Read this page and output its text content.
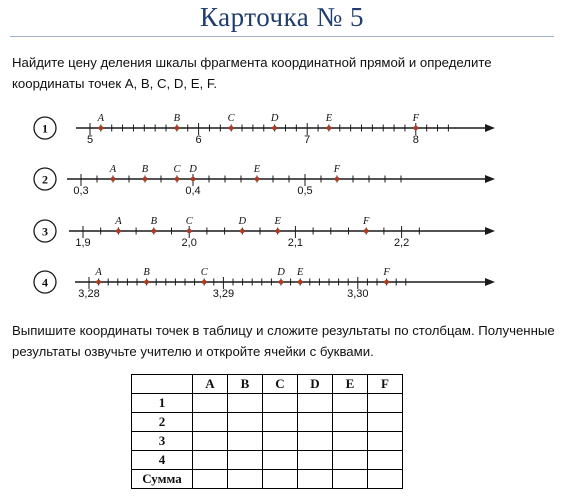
Карточка № 5
Найдите цену деления шкалы фрагмента координатной прямой и определите координаты точек A, B, C, D, E, F.
1
5	6	7	8
A	B	C	D	E	F
2
0,3	0,4	0,5
A B C D	E	F
3
1,9	2,0	2,1	2,2
A	B	C	D	E	F
4
3,28	3,29	3,30
A	B	C	D E	F
Выпишите координаты точек в таблицу и сложите результаты по столбцам. Полученные результаты озвучьте учителю и откройте ячейки с буквами.
	A	B	C	D	E	F
1						
2						
3						
4						
Сумма						
